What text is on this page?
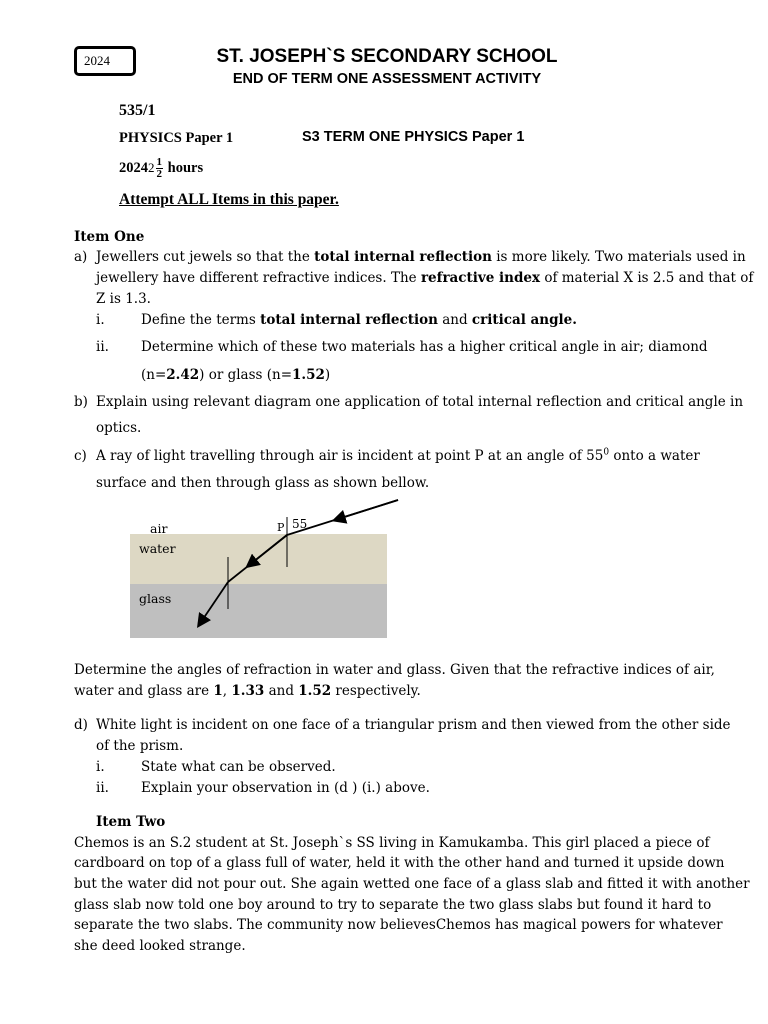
2024	ST. JOSEPH`S SECONDARY SCHOOL
END OF TERM ONE ASSESSMENT ACTIVITY
535/1
PHYSICS Paper 1	S3 TERM ONE PHYSICS Paper 1
$20242 \frac{1}{2}$ hours
Attempt ALL Items in this paper.
Item One
a) Jewellers cut jewels so that the total internal reflection is more likely. Two materials used in
jewellery have different refractive indices. The refractive index of material X is 2.5 and that of
Z is 1.3.
i.	Define the terms total internal reflection and critical angle.
ii. Determine which of these two materials has a higher critical angle in air; diamond
(n=2.42) or glass (n=1.52)
b) Explain using relevant diagram one application of total internal reflection and critical angle in
optics.
c) A ray of light travelling through air is incident at point P at an angle of $55^0$ onto a water
surface and then through glass as shown bellow.
air
water
glass
P 55
Determine the angles of refraction in water and glass. Given that the refractive indices of air,
water and glass are 1, 1.33 and 1.52 respectively.
d) White light is incident on one face of a triangular prism and then viewed from the other side
of the prism.
i.	State what can be observed.
ii. Explain your observation in (d ) (i.) above.
Item Two
Chemos is an S.2 student at St. Joseph`s SS living in Kamukamba. This girl placed a piece of
cardboard on top of a glass full of water, held it with the other hand and turned it upside down
but the water did not pour out. She again wetted one face of a glass slab and fitted it with another
glass slab now told one boy around to try to separate the two glass slabs but found it hard to
separate the two slabs. The community now believesChemos has magical powers for whatever
she deed looked strange.
